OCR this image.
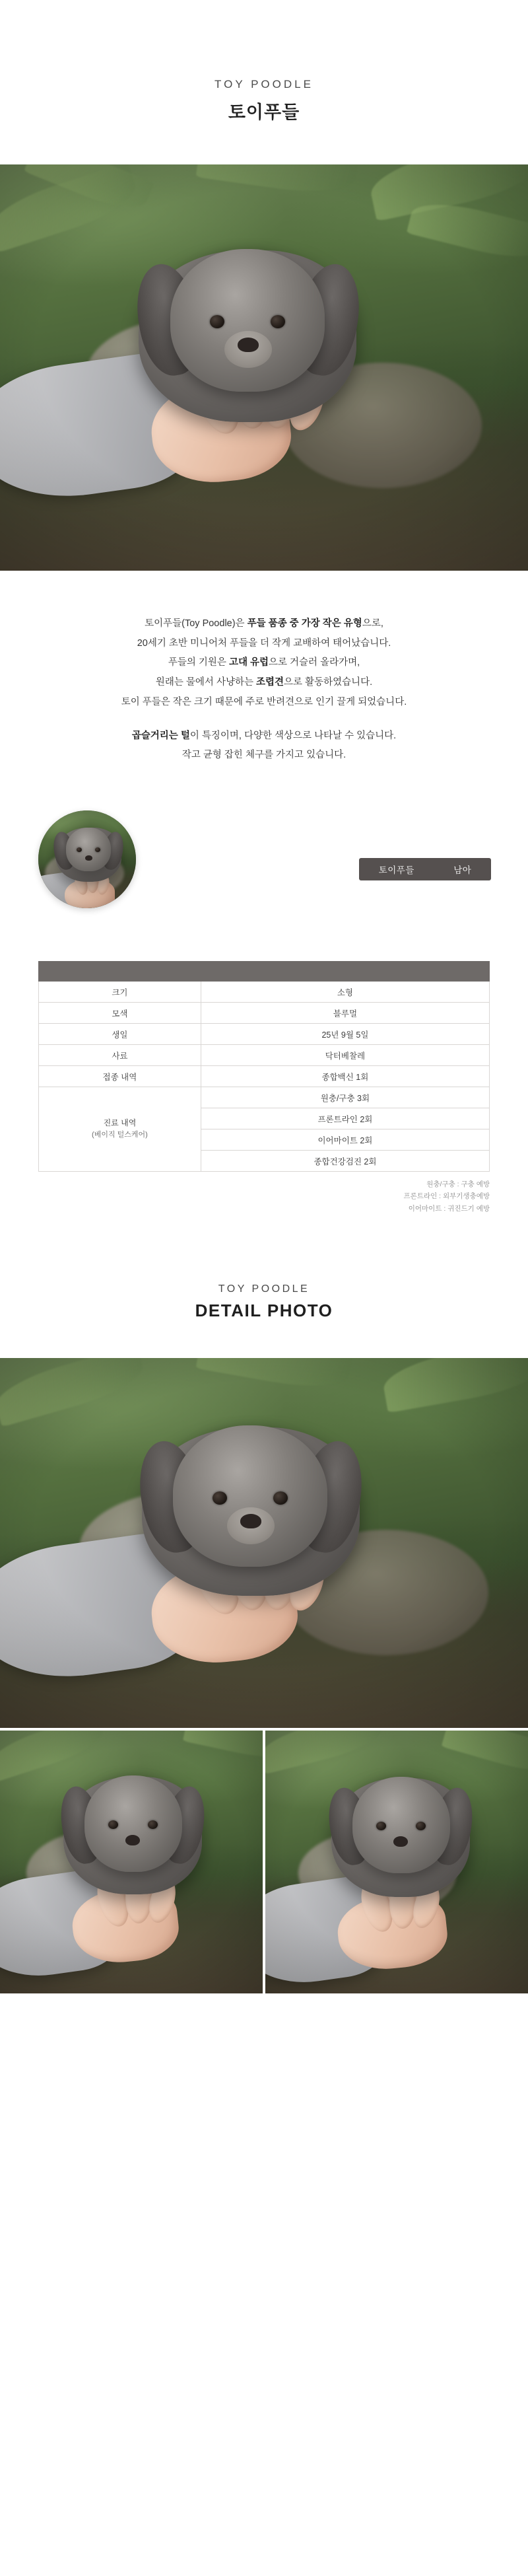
TOY POODLE
토이푸들

토이푸들(Toy Poodle)은 푸들 품종 중 가장 작은 유형으로,

20세기 초반 미니어처 푸들을 더 작게 교배하여 태어났습니다.

푸들의 기원은 고대 유럽으로 거슬러 올라가며,

원래는 물에서 사냥하는 조렵견으로 활동하였습니다.

토이 푸들은 작은 크기 때문에 주로 반려견으로 인기 끌게 되었습니다.

곱슬거리는 털이 특징이며, 다양한 색상으로 나타날 수 있습니다.

작고 균형 잡힌 체구를 가지고 있습니다.

토이푸들	남아

크기	소형
모색	블루멀
생일	25년 9월 5일
사료	닥터베찰레
접종 내역	종합백신 1회

진료 내역
(베이직 털스케어)	원충/구충 3회
	프론트라인 2회
	이어마이트 2회
	종합건강검진 2회
원충/구충 : 구충 예방
프론트라인 : 외부기생충예방
이어마이트 : 귀진드기 예방
TOY POODLE
DETAIL PHOTO
